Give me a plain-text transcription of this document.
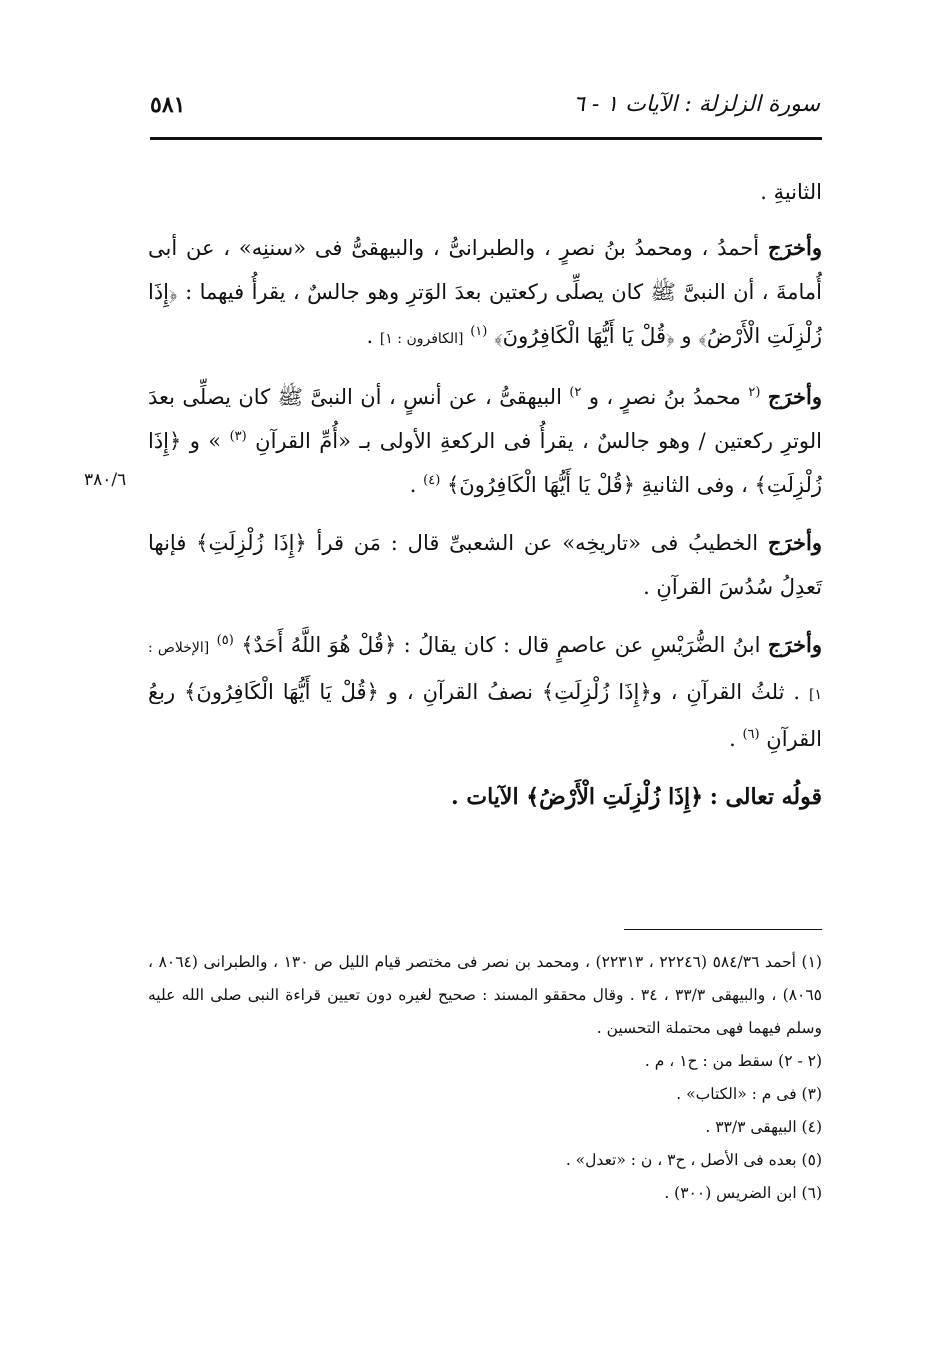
سورة الزلزلة : الآيات ١ - ٦
٥٨١

الثانيةِ .

وأخرَج أحمدُ ، ومحمدُ بنُ نصرٍ ، والطبرانىُّ ، والبيهقىُّ فى «سننِه» ، عن أبى أُمامةَ ، أن النبىَّ ﷺ كان يصلِّى ركعتين بعدَ الوَترِ وهو جالسٌ ، يقرأُ فيهما : ﴿إِذَا زُلْزِلَتِ الْأَرْضُ﴾ و ﴿قُلْ يَا أَيُّهَا الْكَافِرُونَ﴾ $^{(١)}$ [الكافرون : ١] .

وأخرَج $^{(٢}$ محمدُ بنُ نصرٍ ، و $^{٢)}$ البيهقىُّ ، عن أنسٍ ، أن النبىَّ ﷺ كان يصلِّى بعدَ الوترِ ركعتين / وهو جالسٌ ، يقرأُ فى الركعةِ الأولى بـ «أُمِّ القرآنِ $^{(٣)}$ » و ﴿إِذَا زُلْزِلَتِ﴾ ، وفى الثانيةِ ﴿قُلْ يَا أَيُّهَا الْكَافِرُونَ﴾ $^{(٤)}$ .

وأخرَج الخطيبُ فى «تاريخِه» عن الشعبىِّ قال : مَن قرأ ﴿إِذَا زُلْزِلَتِ﴾ فإنها تَعدِلُ سُدُسَ القرآنِ .

وأخرَج ابنُ الضُّرَيْسِ عن عاصمٍ قال : كان يقالُ : ﴿قُلْ هُوَ اللَّهُ أَحَدٌ﴾ $^{(٥)}$ [الإخلاص : ١] . ثلثُ القرآنِ ، و﴿إِذَا زُلْزِلَتِ﴾ نصفُ القرآنِ ، و ﴿قُلْ يَا أَيُّهَا الْكَافِرُونَ﴾ ربعُ القرآنِ $^{(٦)}$ .

قولُه تعالى : ﴿إِذَا زُلْزِلَتِ الْأَرْضُ﴾ الآيات .

٣٨٠/٦

(١) أحمد ٥٨٤/٣٦ (٢٢٢٤٦ ، ٢٢٣١٣) ، ومحمد بن نصر فى مختصر قيام الليل ص ١٣٠ ، والطبرانى (٨٠٦٤ ، ٨٠٦٥) ، والبيهقى ٣٣/٣ ، ٣٤ . وقال محققو المسند : صحيح لغيره دون تعيين قراءة النبى صلى الله عليه وسلم فيهما فهى محتملة التحسين .

(٢ - ٢) سقط من : ح١ ، م .

(٣) فى م : «الكتاب» .

(٤) البيهقى ٣٣/٣ .

(٥) بعده فى الأصل ، ح٣ ، ن : «تعدل» .

(٦) ابن الضريس (٣٠٠) .
